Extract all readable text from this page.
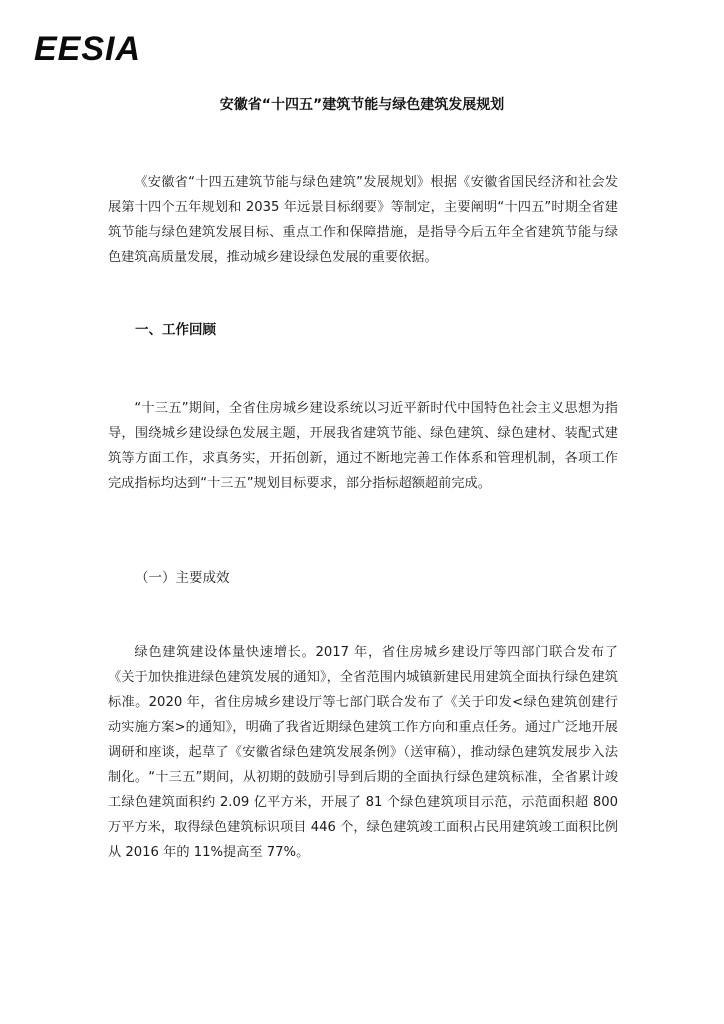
EESIA
安徽省“十四五”建筑节能与绿色建筑发展规划

《安徽省“十四五建筑节能与绿色建筑”发展规划》根据《安徽省国民经济和社会发展第十四个五年规划和 2035 年远景目标纲要》等制定，主要阐明“十四五”时期全省建筑节能与绿色建筑发展目标、重点工作和保障措施，是指导今后五年全省建筑节能与绿色建筑高质量发展，推动城乡建设绿色发展的重要依据。

一、工作回顾

“十三五”期间，全省住房城乡建设系统以习近平新时代中国特色社会主义思想为指导，围绕城乡建设绿色发展主题，开展我省建筑节能、绿色建筑、绿色建材、装配式建筑等方面工作，求真务实，开拓创新，通过不断地完善工作体系和管理机制，各项工作完成指标均达到“十三五”规划目标要求，部分指标超额超前完成。

（一）主要成效

绿色建筑建设体量快速增长。2017 年，省住房城乡建设厅等四部门联合发布了《关于加快推进绿色建筑发展的通知》，全省范围内城镇新建民用建筑全面执行绿色建筑标准。2020 年，省住房城乡建设厅等七部门联合发布了《关于印发<绿色建筑创建行动实施方案>的通知》，明确了我省近期绿色建筑工作方向和重点任务。通过广泛地开展调研和座谈，起草了《安徽省绿色建筑发展条例》（送审稿），推动绿色建筑发展步入法制化。“十三五”期间，从初期的鼓励引导到后期的全面执行绿色建筑标准，全省累计竣工绿色建筑面积约 2.09 亿平方米，开展了 81 个绿色建筑项目示范，示范面积超 800 万平方米，取得绿色建筑标识项目 446 个，绿色建筑竣工面积占民用建筑竣工面积比例从 2016 年的 11%提高至 77%。
